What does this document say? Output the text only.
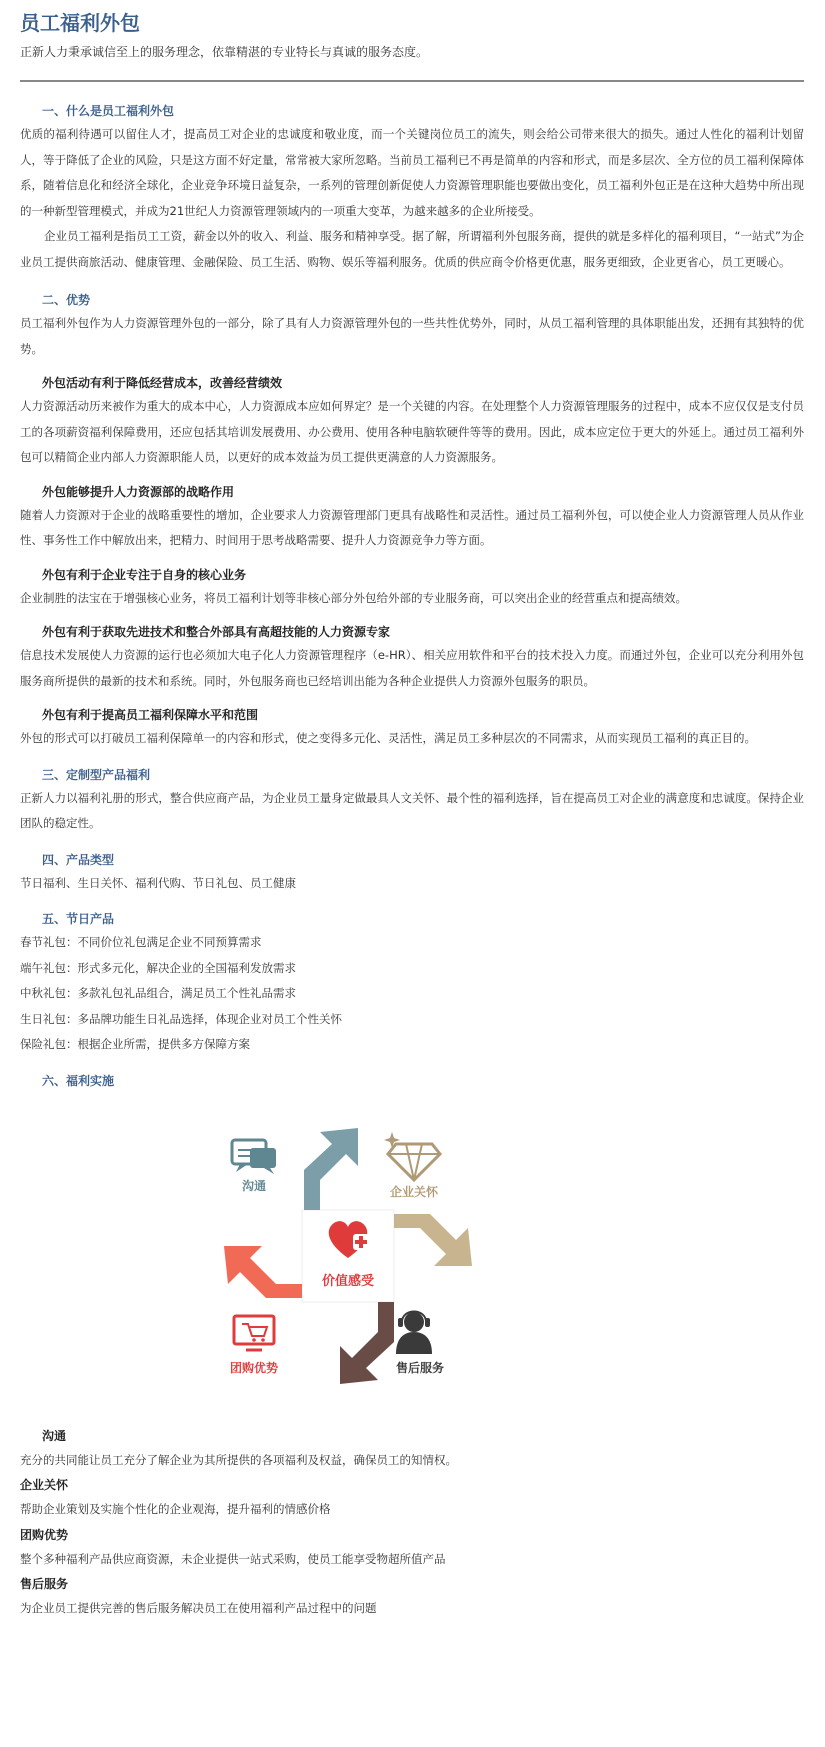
员工福利外包
正新人力秉承诚信至上的服务理念，依靠精湛的专业特长与真诚的服务态度。
一、什么是员工福利外包

优质的福利待遇可以留住人才，提高员工对企业的忠诚度和敬业度，而一个关键岗位员工的流失，则会给公司带来很大的损失。通过人性化的福利计划留人，等于降低了企业的风险，只是这方面不好定量，常常被大家所忽略。当前员工福利已不再是简单的内容和形式，而是多层次、全方位的员工福利保障体系，随着信息化和经济全球化，企业竞争环境日益复杂，一系列的管理创新促使人力资源管理职能也要做出变化，员工福利外包正是在这种大趋势中所出现的一种新型管理模式，并成为21世纪人力资源管理领域内的一项重大变革，为越来越多的企业所接受。

企业员工福利是指员工工资，薪金以外的收入、利益、服务和精神享受。据了解，所谓福利外包服务商，提供的就是多样化的福利项目，“一站式”为企业员工提供商旅活动、健康管理、金融保险、员工生活、购物、娱乐等福利服务。优质的供应商令价格更优惠，服务更细致，企业更省心，员工更暖心。

二、优势

员工福利外包作为人力资源管理外包的一部分，除了具有人力资源管理外包的一些共性优势外，同时，从员工福利管理的具体职能出发，还拥有其独特的优势。

外包活动有利于降低经营成本，改善经营绩效

人力资源活动历来被作为重大的成本中心，人力资源成本应如何界定？是一个关键的内容。在处理整个人力资源管理服务的过程中，成本不应仅仅是支付员工的各项薪资福利保障费用，还应包括其培训发展费用、办公费用、使用各种电脑软硬件等等的费用。因此，成本应定位于更大的外延上。通过员工福利外包可以精简企业内部人力资源职能人员，以更好的成本效益为员工提供更满意的人力资源服务。

外包能够提升人力资源部的战略作用

随着人力资源对于企业的战略重要性的增加，企业要求人力资源管理部门更具有战略性和灵活性。通过员工福利外包，可以使企业人力资源管理人员从作业性、事务性工作中解放出来，把精力、时间用于思考战略需要、提升人力资源竞争力等方面。

外包有利于企业专注于自身的核心业务

企业制胜的法宝在于增强核心业务，将员工福利计划等非核心部分外包给外部的专业服务商，可以突出企业的经营重点和提高绩效。

外包有利于获取先进技术和整合外部具有高超技能的人力资源专家

信息技术发展使人力资源的运行也必须加大电子化人力资源管理程序（e-HR）、相关应用软件和平台的技术投入力度。而通过外包，企业可以充分利用外包服务商所提供的最新的技术和系统。同时，外包服务商也已经培训出能为各种企业提供人力资源外包服务的职员。

外包有利于提高员工福利保障水平和范围

外包的形式可以打破员工福利保障单一的内容和形式，使之变得多元化、灵活性，满足员工多种层次的不同需求，从而实现员工福利的真正目的。

三、定制型产品福利

正新人力以福利礼册的形式，整合供应商产品，为企业员工量身定做最具人文关怀、最个性的福利选择，旨在提高员工对企业的满意度和忠诚度。保持企业团队的稳定性。

四、产品类型

节日福利、生日关怀、福利代购、节日礼包、员工健康

五、节日产品
春节礼包：不同价位礼包满足企业不同预算需求
端午礼包：形式多元化，解决企业的全国福利发放需求
中秋礼包：多款礼包礼品组合，满足员工个性礼品需求
生日礼包：多品牌功能生日礼品选择，体现企业对员工个性关怀
保险礼包：根据企业所需，提供多方保障方案
六、福利实施
价值感受
沟通	企业关怀
团购优势	售后服务
沟通
充分的共同能让员工充分了解企业为其所提供的各项福利及权益，确保员工的知情权。
企业关怀
帮助企业策划及实施个性化的企业观海，提升福利的情感价格
团购优势
整个多种福利产品供应商资源，未企业提供一站式采购，使员工能享受物超所值产品
售后服务
为企业员工提供完善的售后服务解决员工在使用福利产品过程中的问题
